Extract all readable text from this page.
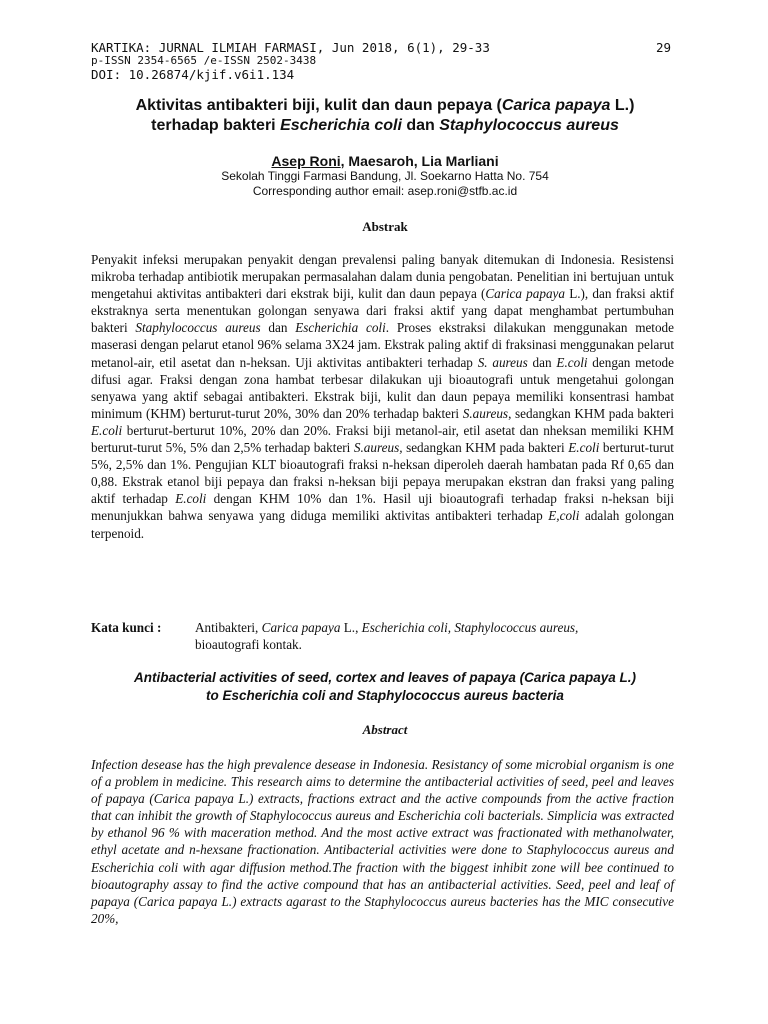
KARTIKA: JURNAL ILMIAH FARMASI, Jun 2018, 6(1), 29-33	29
p-ISSN 2354-6565 /e-ISSN 2502-3438
DOI: 10.26874/kjif.v6i1.134
Aktivitas antibakteri biji, kulit dan daun pepaya (Carica papaya L.)
terhadap bakteri Escherichia coli dan Staphylococcus aureus
Asep Roni, Maesaroh, Lia Marliani
Sekolah Tinggi Farmasi Bandung, Jl. Soekarno Hatta No. 754
Corresponding author email: asep.roni@stfb.ac.id
Abstrak

Penyakit infeksi merupakan penyakit dengan prevalensi paling banyak ditemukan di Indonesia. Resistensi mikroba terhadap antibiotik merupakan permasalahan dalam dunia pengobatan. Penelitian ini bertujuan untuk mengetahui aktivitas antibakteri dari ekstrak biji, kulit dan daun pepaya (Carica papaya L.), dan fraksi aktif ekstraknya serta menentukan golongan senyawa dari fraksi aktif yang dapat menghambat pertumbuhan bakteri Staphylococcus aureus dan Escherichia coli. Proses ekstraksi dilakukan menggunakan metode maserasi dengan pelarut etanol 96% selama 3X24 jam. Ekstrak paling aktif di fraksinasi menggunakan pelarut metanol-air, etil asetat dan n-heksan. Uji aktivitas antibakteri terhadap S. aureus dan E.coli dengan metode difusi agar. Fraksi dengan zona hambat terbesar dilakukan uji bioautografi untuk mengetahui golongan senyawa yang aktif sebagai antibakteri. Ekstrak biji, kulit dan daun pepaya memiliki konsentrasi hambat minimum (KHM) berturut-turut 20%, 30% dan 20% terhadap bakteri S.aureus, sedangkan KHM pada bakteri E.coli berturut-berturut 10%, 20% dan 20%. Fraksi biji metanol-air, etil asetat dan nheksan memiliki KHM berturut-turut 5%, 5% dan 2,5% terhadap bakteri S.aureus, sedangkan KHM pada bakteri E.coli berturut-turut 5%, 2,5% dan 1%. Pengujian KLT bioautografi fraksi n-heksan diperoleh daerah hambatan pada Rf 0,65 dan 0,88. Ekstrak etanol biji pepaya dan fraksi n-heksan biji pepaya merupakan ekstran dan fraksi yang paling aktif terhadap E.coli dengan KHM 10% dan 1%. Hasil uji bioautografi terhadap fraksi n-heksan biji menunjukkan bahwa senyawa yang diduga memiliki aktivitas antibakteri terhadap E,coli adalah golongan terpenoid.

Kata kunci :	Antibakteri, Carica papaya L., Escherichia coli, Staphylococcus aureus,
bioautografi kontak.
Antibacterial activities of seed, cortex and leaves of papaya (Carica papaya L.)
to Escherichia coli and Staphylococcus aureus bacteria
Abstract

Infection desease has the high prevalence desease in Indonesia. Resistancy of some microbial organism is one of a problem in medicine. This research aims to determine the antibacterial activities of seed, peel and leaves of papaya (Carica papaya L.) extracts, fractions extract and the active compounds from the active fraction that can inhibit the growth of Staphylococcus aureus and Escherichia coli bacterials. Simplicia was extracted by ethanol 96 % with maceration method. And the most active extract was fractionated with methanolwater, ethyl acetate and n-hexsane fractionation. Antibacterial activities were done to Staphylococcus aureus and Escherichia coli with agar diffusion method.The fraction with the biggest inhibit zone will bee continued to bioautography assay to find the active compound that has an antibacterial activities. Seed, peel and leaf of papaya (Carica papaya L.) extracts agarast to the Staphylococcus aureus bacteries has the MIC consecutive 20%,
